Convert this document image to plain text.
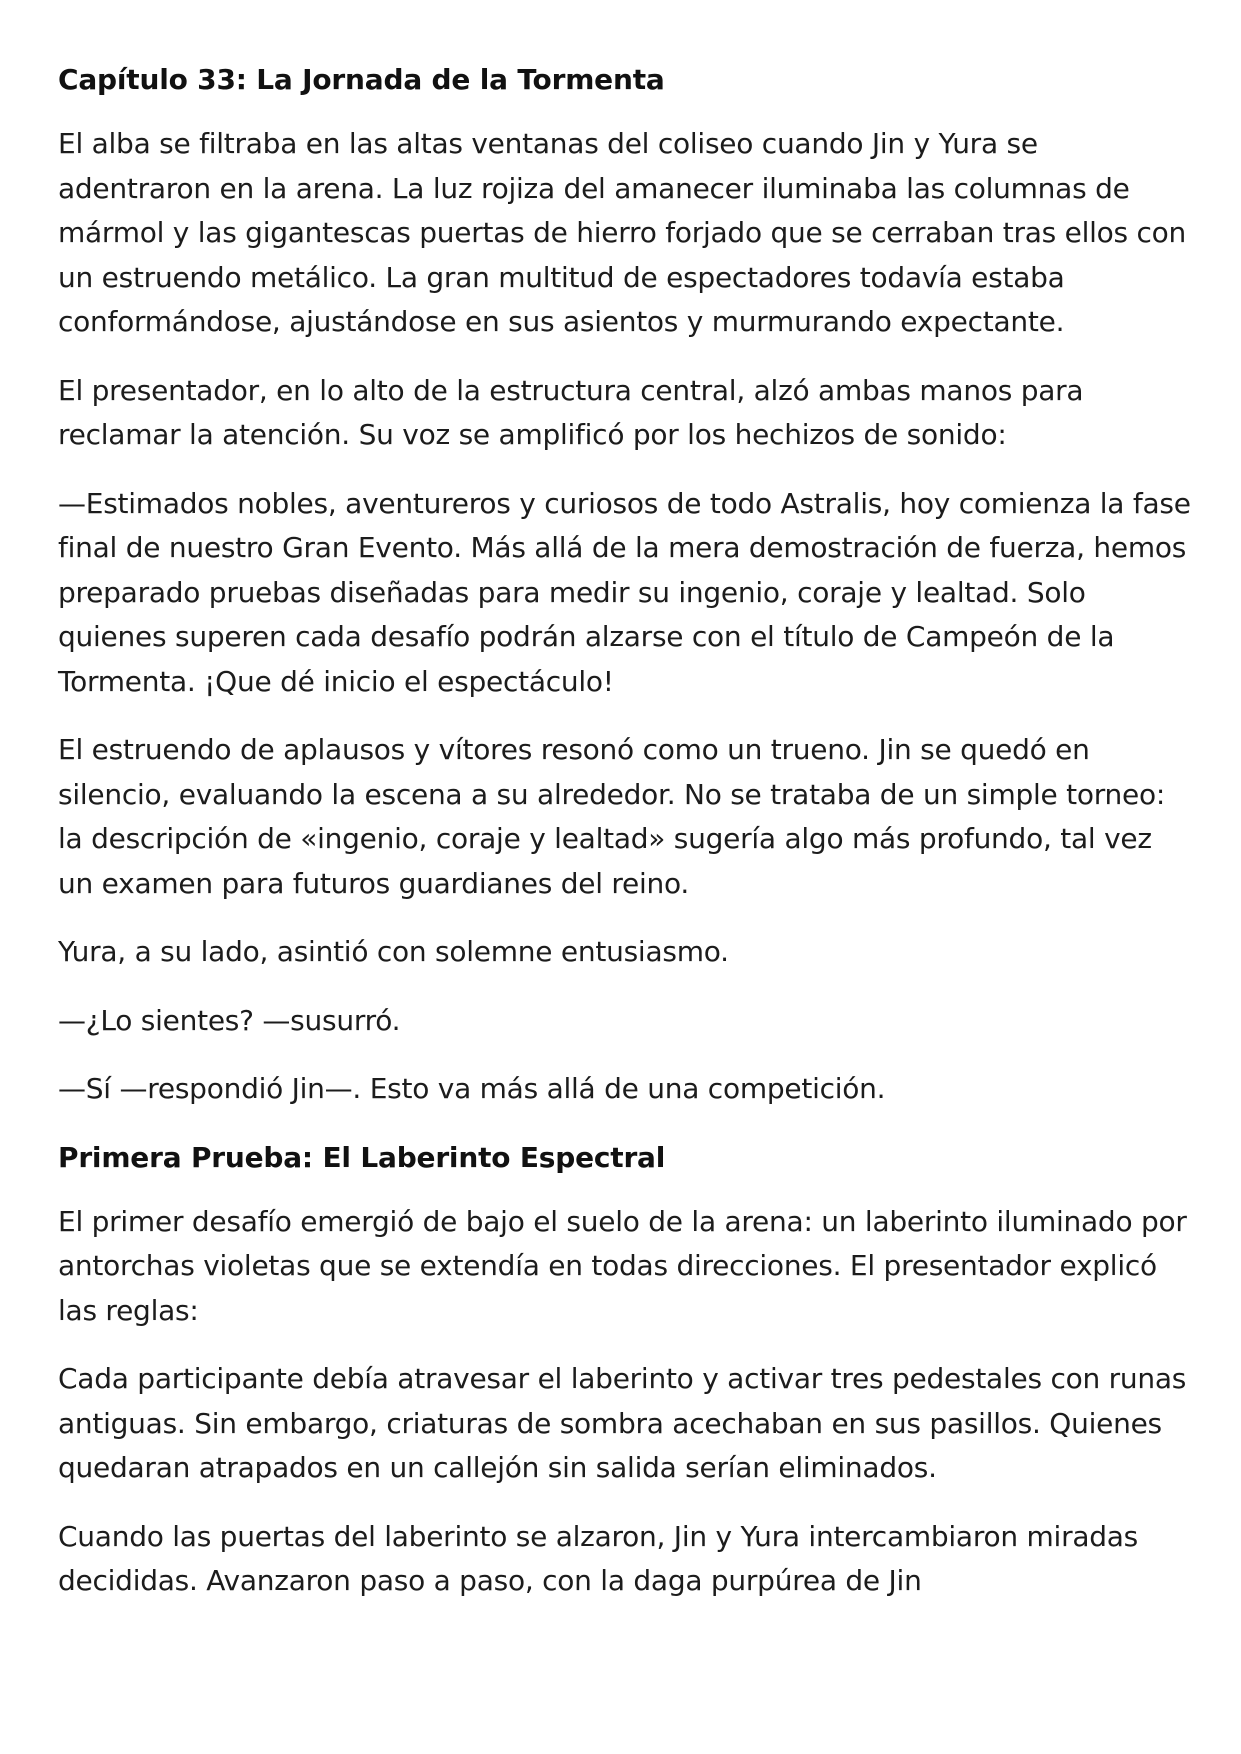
Capítulo 33: La Jornada de la Tormenta

El alba se filtraba en las altas ventanas del coliseo cuando Jin y Yura se adentraron en la arena. La luz rojiza del amanecer iluminaba las columnas de mármol y las gigantescas puertas de hierro forjado que se cerraban tras ellos con un estruendo metálico. La gran multitud de espectadores todavía estaba conformándose, ajustándose en sus asientos y murmurando expectante.

El presentador, en lo alto de la estructura central, alzó ambas manos para reclamar la atención. Su voz se amplificó por los hechizos de sonido:

—Estimados nobles, aventureros y curiosos de todo Astralis, hoy comienza la fase final de nuestro Gran Evento. Más allá de la mera demostración de fuerza, hemos preparado pruebas diseñadas para medir su ingenio, coraje y lealtad. Solo quienes superen cada desafío podrán alzarse con el título de Campeón de la Tormenta. ¡Que dé inicio el espectáculo!

El estruendo de aplausos y vítores resonó como un trueno. Jin se quedó en silencio, evaluando la escena a su alrededor. No se trataba de un simple torneo: la descripción de «ingenio, coraje y lealtad» sugería algo más profundo, tal vez un examen para futuros guardianes del reino.

Yura, a su lado, asintió con solemne entusiasmo.

—¿Lo sientes? —susurró.

—Sí —respondió Jin—. Esto va más allá de una competición.

Primera Prueba: El Laberinto Espectral

El primer desafío emergió de bajo el suelo de la arena: un laberinto iluminado por antorchas violetas que se extendía en todas direcciones. El presentador explicó las reglas:

Cada participante debía atravesar el laberinto y activar tres pedestales con runas antiguas. Sin embargo, criaturas de sombra acechaban en sus pasillos. Quienes quedaran atrapados en un callejón sin salida serían eliminados.

Cuando las puertas del laberinto se alzaron, Jin y Yura intercambiaron miradas decididas. Avanzaron paso a paso, con la daga purpúrea de Jin
